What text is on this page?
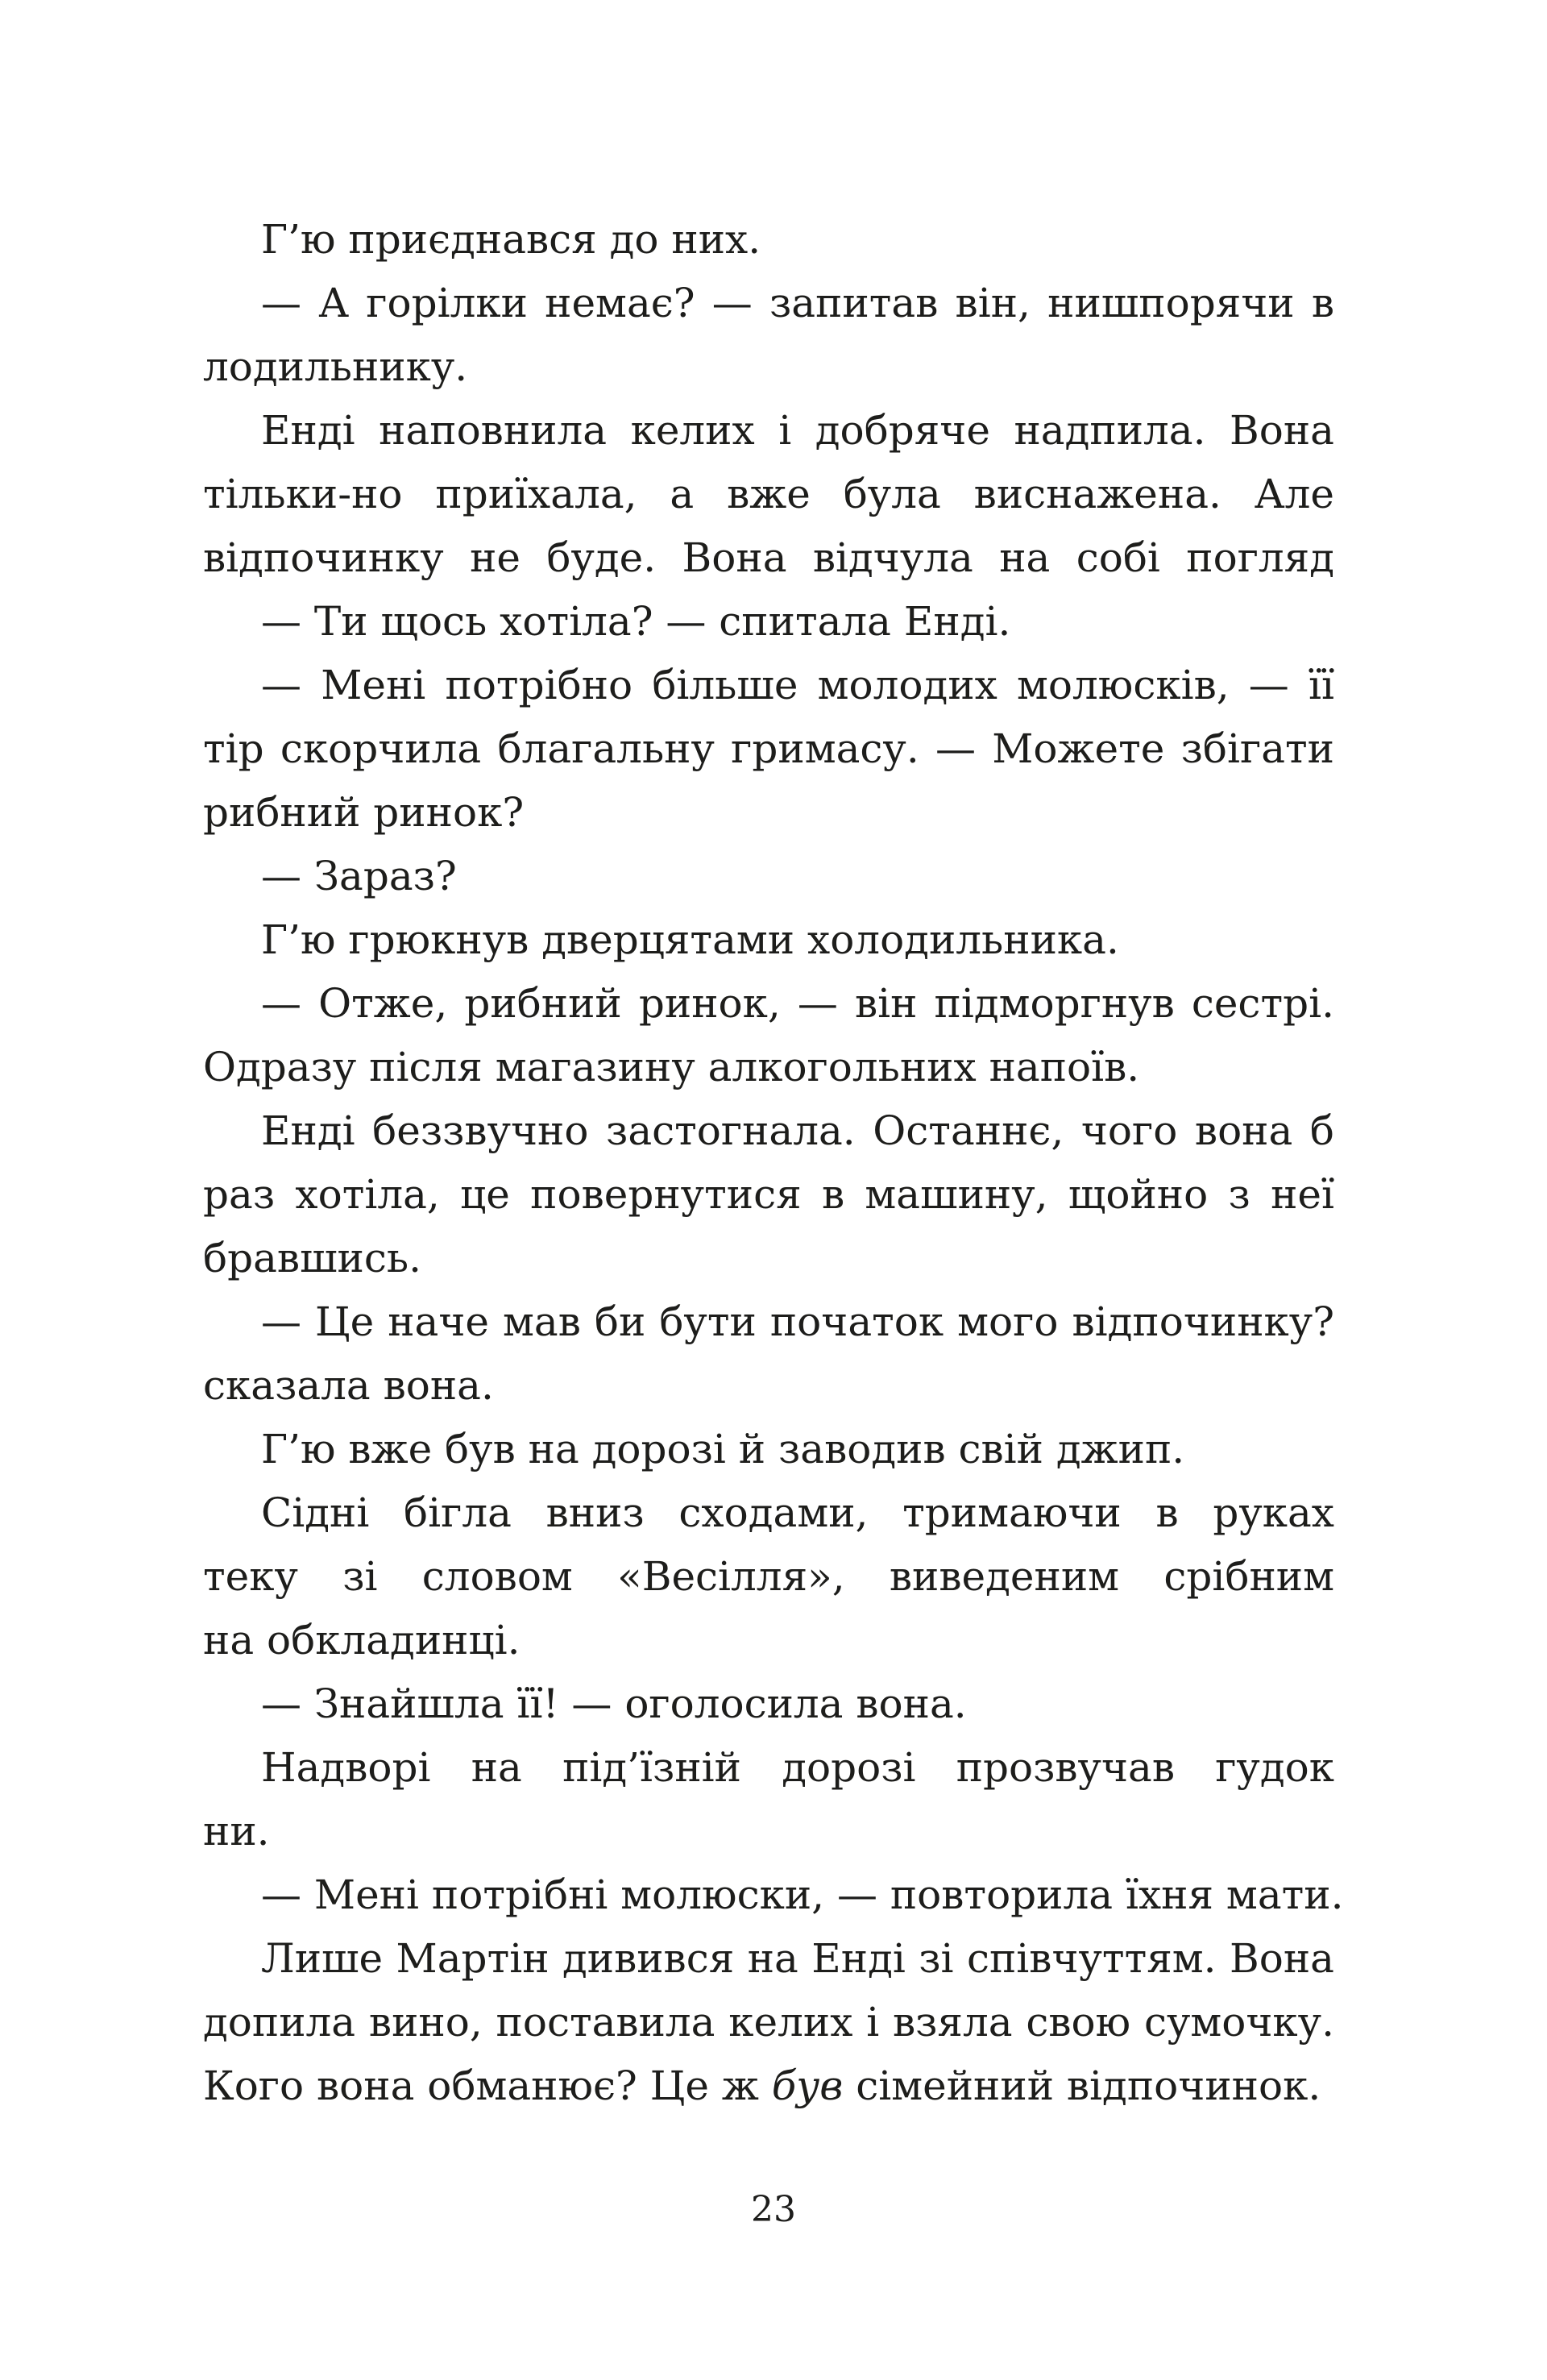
Г’ю приєднався до них.
— А горілки немає? — запитав він, нишпорячи в
лодильнику.
Енді наповнила келих і добряче надпила. Вона
тільки-но приїхала, а вже була виснажена. Але
відпочинку не буде. Вона відчула на собі погляд
— Ти щось хотіла? — спитала Енді.
— Мені потрібно більше молодих молюсків, — її
тір скорчила благальну гримасу. — Можете збігати
рибний ринок?
— Зараз?
Г’ю грюкнув дверцятами холодильника.
— Отже, рибний ринок, — він підморгнув сестрі.
Одразу після магазину алкогольних напоїв.
Енді беззвучно застогнала. Останнє, чого вона б
раз хотіла, це повернутися в машину, щойно з неї
бравшись.
— Це наче мав би бути початок мого відпочинку?
сказала вона.
Г’ю вже був на дорозі й заводив свій джип.
Сідні бігла вниз сходами, тримаючи в руках
теку зі словом «Весілля», виведеним срібним
на обкладинці.
— Знайшла її! — оголосила вона.
Надворі на під’їзній дорозі прозвучав гудок
ни.
— Мені потрібні молюски, — повторила їхня мати.
Лише Мартін дивився на Енді зі співчуттям. Вона
допила вино, поставила келих і взяла свою сумочку.
Кого вона обманює? Це ж був сімейний відпочинок.
23
